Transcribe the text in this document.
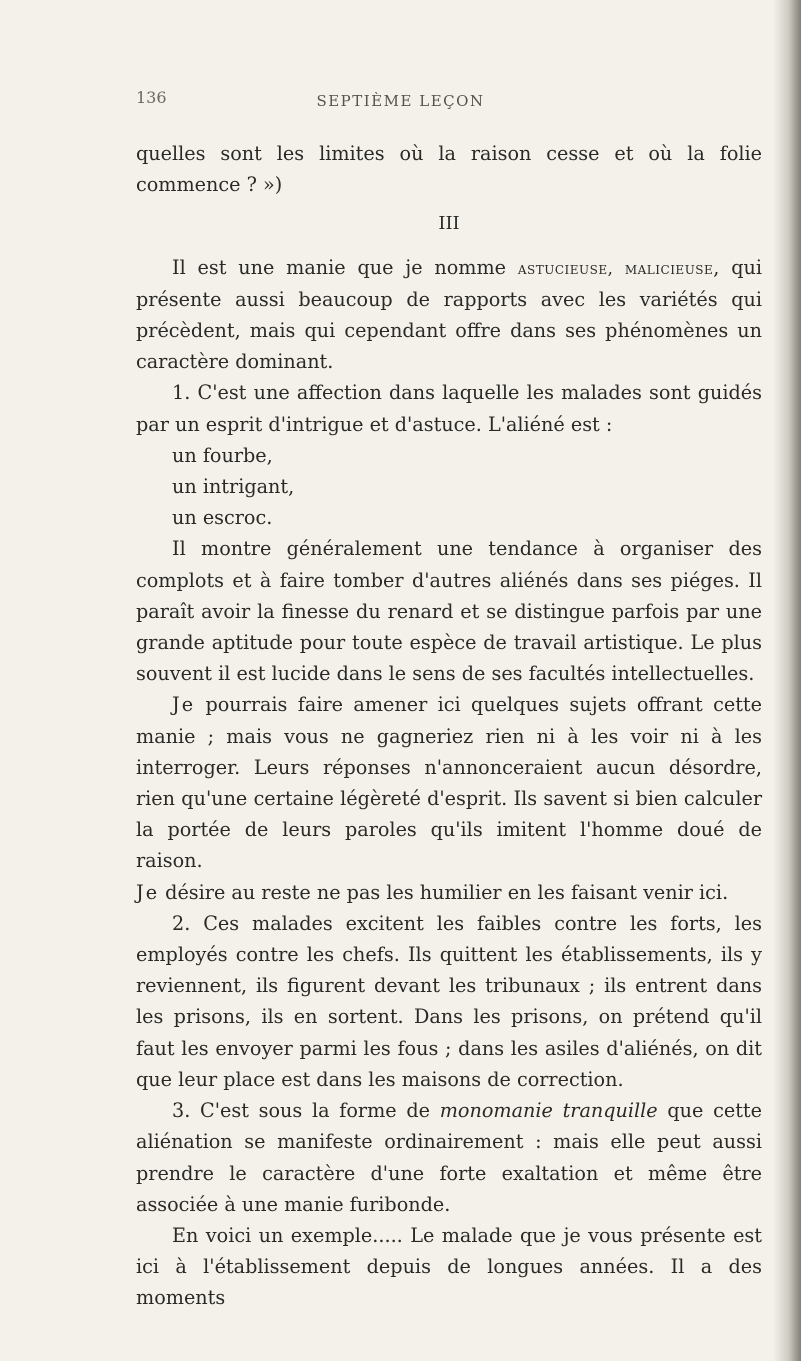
136	SEPTIÈME LEÇON

quelles sont les limites où la raison cesse et où la folie commence ? »)

III

Il est une manie que je nomme astucieuse, malicieuse, qui présente aussi beaucoup de rapports avec les variétés qui précèdent, mais qui cependant offre dans ses phénomènes un caractère dominant.

1. C'est une affection dans laquelle les malades sont guidés par un esprit d'intrigue et d'astuce. L'aliéné est :

un fourbe,

un intrigant,

un escroc.

Il montre généralement une tendance à organiser des complots et à faire tomber d'autres aliénés dans ses piéges. Il paraît avoir la finesse du renard et se distingue parfois par une grande aptitude pour toute espèce de travail artistique. Le plus souvent il est lucide dans le sens de ses facultés intellectuelles.

Je pourrais faire amener ici quelques sujets offrant cette manie ; mais vous ne gagneriez rien ni à les voir ni à les interroger. Leurs réponses n'annonceraient aucun désordre, rien qu'une certaine légèreté d'esprit. Ils savent si bien calculer la portée de leurs paroles qu'ils imitent l'homme doué de raison.

Je désire au reste ne pas les humilier en les faisant venir ici.

2. Ces malades excitent les faibles contre les forts, les employés contre les chefs. Ils quittent les établissements, ils y reviennent, ils figurent devant les tribunaux ; ils entrent dans les prisons, ils en sortent. Dans les prisons, on prétend qu'il faut les envoyer parmi les fous ; dans les asiles d'aliénés, on dit que leur place est dans les maisons de correction.

3. C'est sous la forme de monomanie tranquille que cette aliénation se manifeste ordinairement : mais elle peut aussi prendre le caractère d'une forte exaltation et même être associée à une manie furibonde.

En voici un exemple..... Le malade que je vous présente est ici à l'établissement depuis de longues années. Il a des moments
